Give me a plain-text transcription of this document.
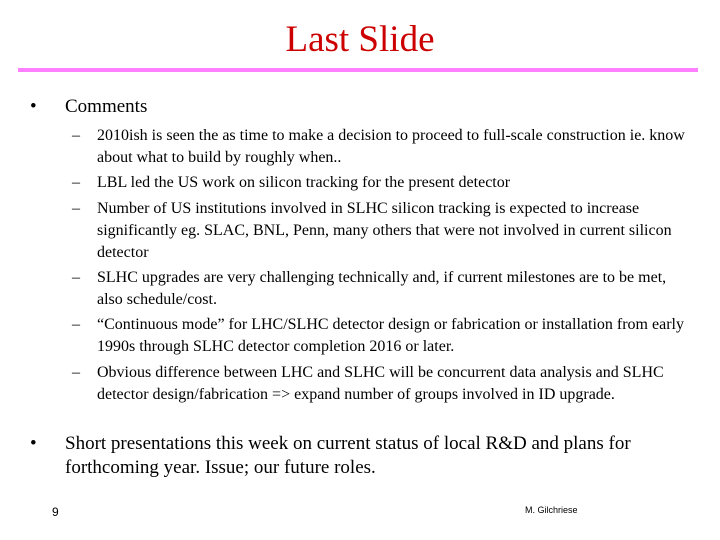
Last Slide
• Comments
– 2010ish is seen the as time to make a decision to proceed to full-scale construction ie. know about what to build by roughly when..
– LBL led the US work on silicon tracking for the present detector
– Number of US institutions involved in SLHC silicon tracking is expected to increase significantly eg. SLAC, BNL, Penn, many others that were not involved in current silicon detector
– SLHC upgrades are very challenging technically and, if current milestones are to be met, also schedule/cost.
– “Continuous mode” for LHC/SLHC detector design or fabrication or installation from early 1990s through SLHC detector completion 2016 or later.
– Obvious difference between LHC and SLHC will be concurrent data analysis and SLHC detector design/fabrication => expand number of groups involved in ID upgrade.
• Short presentations this week on current status of local R&D and plans for forthcoming year. Issue; our future roles.
9	M. Gilchriese
